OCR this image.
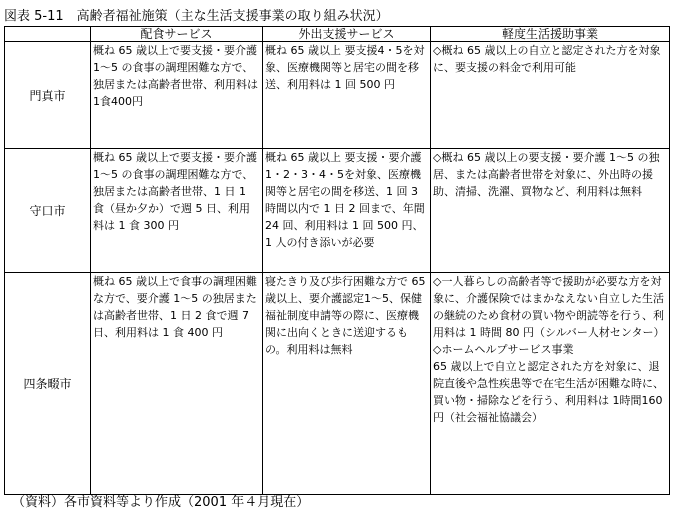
図表 5-11　高齢者福祉施策（主な生活支援事業の取り組み状況）
	配食サービス	外出支援サービス	軽度生活援助事業
門真市	概ね 65 歳以上で要支援・要介護 1～5 の食事の調理困難な方で、独居または高齢者世帯、利用料は1食400円	概ね 65 歳以上 要支援4・5を対象、医療機関等と居宅の間を移送、利用料は 1 回 500 円	◇概ね 65 歳以上の自立と認定された方を対象に、要支援の料金で利用可能
守口市	概ね 65 歳以上で要支援・要介護 1～5 の食事の調理困難な方で、独居または高齢者世帯、1 日 1 食（昼か夕か）で週 5 日、利用料は 1 食 300 円	概ね 65 歳以上 要支援・要介護1・2・3・4・5を対象、医療機関等と居宅の間を移送、1 回 3 時間以内で 1 日 2 回まで、年間 24 回、利用料は 1 回 500 円、1 人の付き添いが必要	◇概ね 65 歳以上の要支援・要介護 1～5 の独居、または高齢者世帯を対象に、外出時の援助、清掃、洗濯、買物など、利用料は無料
四条畷市	概ね 65 歳以上で食事の調理困難な方で、要介護 1～5 の独居または高齢者世帯、1 日 2 食で週 7 日、利用料は 1 食 400 円	寝たきり及び歩行困難な方で 65 歳以上、要介護認定1～5、保健福祉制度申請等の際に、医療機関に出向くときに送迎するもの。利用料は無料	◇一人暮らしの高齢者等で援助が必要な方を対象に、介護保険ではまかなえない自立した生活の継続のため食材の買い物や朗読等を行う、利用料は 1 時間 80 円（シルバー人材センター）
◇ホームヘルプサービス事業
65 歳以上で自立と認定された方を対象に、退院直後や急性疾患等で在宅生活が困難な時に、買い物・掃除などを行う、利用料は 1時間160 円（社会福祉協議会）
（資料）各市資料等より作成（2001 年４月現在）
